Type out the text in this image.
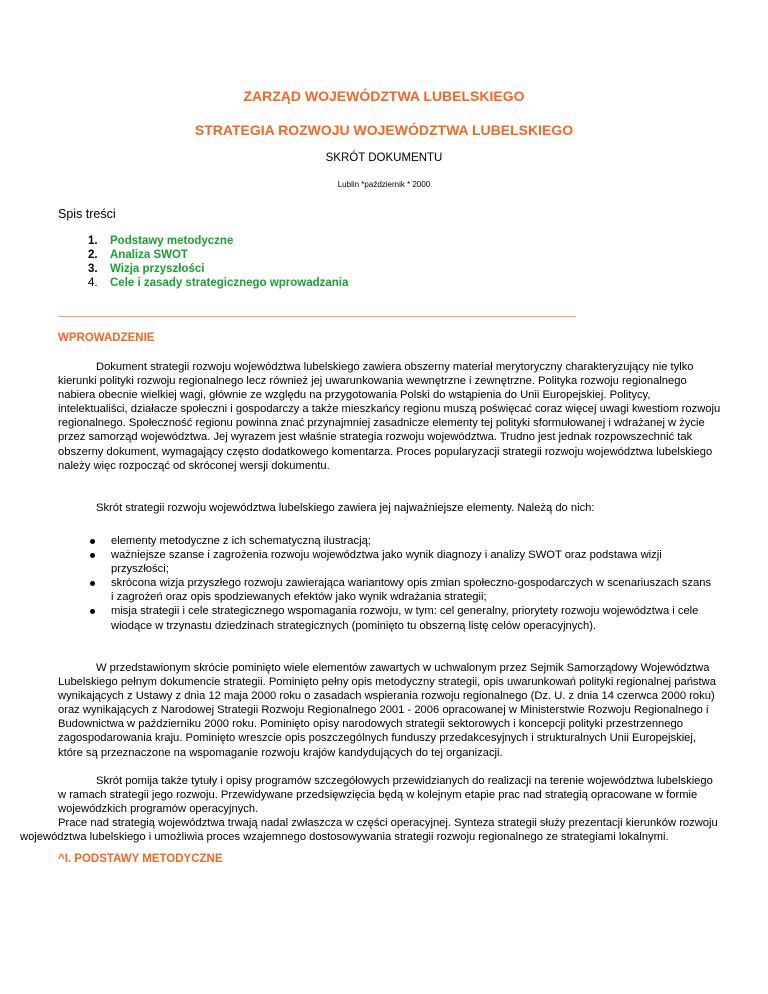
ZARZĄD WOJEWÓDZTWA LUBELSKIEGO
STRATEGIA ROZWOJU WOJEWÓDZTWA LUBELSKIEGO
SKRÓT DOKUMENTU
Lublin *październik * 2000
Spis treści
1. Podstawy metodyczne
2. Analiza SWOT
3. Wizja przyszłości
4. Cele i zasady strategicznego wprowadzania
WPROWADZENIE

Dokument strategii rozwoju województwa lubelskiego zawiera obszerny materiał merytoryczny charakteryzujący nie tylko kierunki polityki rozwoju regionalnego lecz również jej uwarunkowania wewnętrzne i zewnętrzne. Polityka rozwoju regionalnego nabiera obecnie wielkiej wagi, głównie ze względu na przygotowania Polski do wstąpienia do Unii Europejskiej. Politycy, intelektualiści, działacze społeczni i gospodarczy a także mieszkańcy regionu muszą poświęcać coraz więcej uwagi kwestiom rozwoju regionalnego. Społeczność regionu powinna znać przynajmniej zasadnicze elementy tej polityki sformułowanej i wdrażanej w życie przez samorząd województwa. Jej wyrazem jest właśnie strategia rozwoju województwa. Trudno jest jednak rozpowszechnić tak obszerny dokument, wymagający często dodatkowego komentarza. Proces popularyzacji strategii rozwoju województwa lubelskiego należy więc rozpocząć od skróconej wersji dokumentu.

Skrót strategii rozwoju województwa lubelskiego zawiera jej najważniejsze elementy. Należą do nich:

elementy metodyczne z ich schematyczną ilustracją;
ważniejsze szanse i zagrożenia rozwoju województwa jako wynik diagnozy i analizy SWOT oraz podstawa wizji przyszłości;
skrócona wizja przyszłego rozwoju zawierająca wariantowy opis zmian społeczno-gospodarczych w scenariuszach szans i zagrożeń oraz opis spodziewanych efektów jako wynik wdrażania strategii;
misja strategii i cele strategicznego wspomagania rozwoju, w tym: cel generalny, priorytety rozwoju województwa i cele wiodące w trzynastu dziedzinach strategicznych (pominięto tu obszerną listę celów operacyjnych).

W przedstawionym skrócie pominięto wiele elementów zawartych w uchwalonym przez Sejmik Samorządowy Województwa Lubelskiego pełnym dokumencie strategii. Pominięto pełny opis metodyczny strategii, opis uwarunkowań polityki regionalnej państwa wynikających z Ustawy z dnia 12 maja 2000 roku o zasadach wspierania rozwoju regionalnego (Dz. U. z dnia 14 czerwca 2000 roku) oraz wynikających z Narodowej Strategii Rozwoju Regionalnego 2001 - 2006 opracowanej w Ministerstwie Rozwoju Regionalnego i Budownictwa w październiku 2000 roku. Pominięto opisy narodowych strategii sektorowych i koncepcji polityki przestrzennego zagospodarowania kraju. Pominięto wreszcie opis poszczególnych funduszy przedakcesyjnych i strukturalnych Unii Europejskiej, które są przeznaczone na wspomaganie rozwoju krajów kandydujących do tej organizacji.

Skrót pomija także tytuły i opisy programów szczegółowych przewidzianych do realizacji na terenie województwa lubelskiego w ramach strategii jego rozwoju. Przewidywane przedsięwzięcia będą w kolejnym etapie prac nad strategią opracowane w formie wojewódzkich programów operacyjnych.
Prace nad strategią województwa trwają nadal zwłaszcza w części operacyjnej. Synteza strategii służy prezentacji kierunków rozwoju województwa lubelskiego i umożliwia proces wzajemnego dostosowywania strategii rozwoju regionalnego ze strategiami lokalnymi.
^I. PODSTAWY METODYCZNE
